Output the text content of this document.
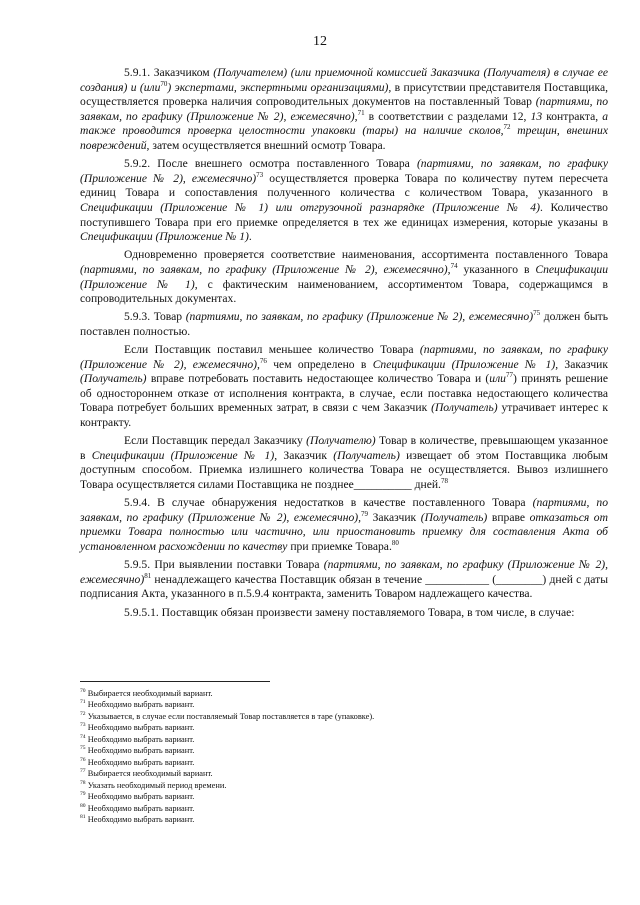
12

5.9.1. Заказчиком (Получателем) (или приемочной комиссией Заказчика (Получателя) в случае ее создания) и (или$^{70}$) экспертами, экспертными организациями), в присутствии представителя Поставщика, осуществляется проверка наличия сопроводительных документов на поставленный Товар (партиями, по заявкам, по графику (Приложение № 2), ежемесячно),$^{71}$ в соответствии с разделами 12, 13 контракта, а также проводится проверка целостности упаковки (тары) на наличие сколов,$^{72}$ трещин, внешних повреждений, затем осуществляется внешний осмотр Товара.

5.9.2. После внешнего осмотра поставленного Товара (партиями, по заявкам, по графику (Приложение № 2), ежемесячно)$^{73}$ осуществляется проверка Товара по количеству путем пересчета единиц Товара и сопоставления полученного количества с количеством Товара, указанного в Спецификации (Приложение № 1) или отгрузочной разнарядке (Приложение № 4). Количество поступившего Товара при его приемке определяется в тех же единицах измерения, которые указаны в Спецификации (Приложение № 1).

Одновременно проверяется соответствие наименования, ассортимента поставленного Товара (партиями, по заявкам, по графику (Приложение № 2), ежемесячно),$^{74}$ указанного в Спецификации (Приложение № 1), с фактическим наименованием, ассортиментом Товара, содержащимся в сопроводительных документах.

5.9.3. Товар (партиями, по заявкам, по графику (Приложение № 2), ежемесячно)$^{75}$ должен быть поставлен полностью.

Если Поставщик поставил меньшее количество Товара (партиями, по заявкам, по графику (Приложение № 2), ежемесячно),$^{76}$ чем определено в Спецификации (Приложение № 1), Заказчик (Получатель) вправе потребовать поставить недостающее количество Товара и (или$^{77}$) принять решение об одностороннем отказе от исполнения контракта, в случае, если поставка недостающего количества Товара потребует больших временных затрат, в связи с чем Заказчик (Получатель) утрачивает интерес к контракту.

Если Поставщик передал Заказчику (Получателю) Товар в количестве, превышающем указанное в Спецификации (Приложение № 1), Заказчик (Получатель) извещает об этом Поставщика любым доступным способом. Приемка излишнего количества Товара не осуществляется. Вывоз излишнего Товара осуществляется силами Поставщика не позднее__________ дней.$^{78}$

5.9.4. В случае обнаружения недостатков в качестве поставленного Товара (партиями, по заявкам, по графику (Приложение № 2), ежемесячно),$^{79}$ Заказчик (Получатель) вправе отказаться от приемки Товара полностью или частично, или приостановить приемку для составления Акта об установленном расхождении по качеству при приемке Товара.$^{80}$

5.9.5. При выявлении поставки Товара (партиями, по заявкам, по графику (Приложение № 2), ежемесячно)$^{81}$ ненадлежащего качества Поставщик обязан в течение ___________ (________) дней с даты подписания Акта, указанного в п.5.9.4 контракта, заменить Товаром надлежащего качества.

5.9.5.1. Поставщик обязан произвести замену поставляемого Товара, в том числе, в случае:

$^{70}$ Выбирается необходимый вариант.
$^{71}$ Необходимо выбрать вариант.
$^{72}$ Указывается, в случае если поставляемый Товар поставляется в таре (упаковке).
$^{73}$ Необходимо выбрать вариант.
$^{74}$ Необходимо выбрать вариант.
$^{75}$ Необходимо выбрать вариант.
$^{76}$ Необходимо выбрать вариант.
$^{77}$ Выбирается необходимый вариант.
$^{78}$ Указать необходимый период времени.
$^{79}$ Необходимо выбрать вариант.
$^{80}$ Необходимо выбрать вариант.
$^{81}$ Необходимо выбрать вариант.
